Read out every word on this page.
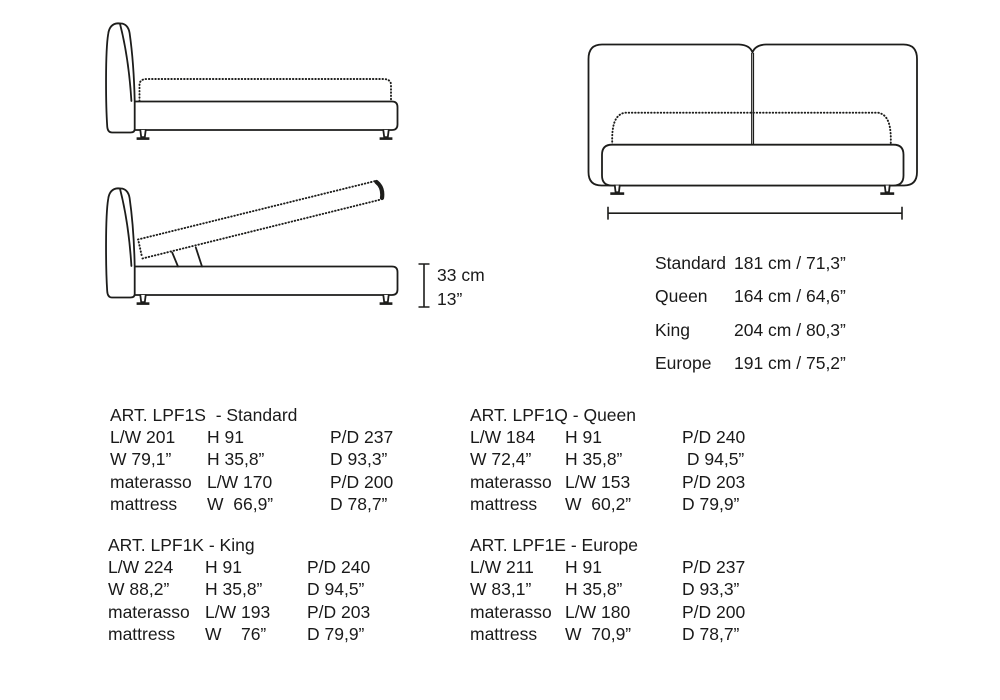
33 cm
13”
Standard 181 cm / 71,3”
Queen	164 cm / 64,6”
King	204 cm / 80,3”
Europe	191 cm / 75,2”
ART. LPF1S  - Standard
L/W 201	H 91	P/D 237
W 79,1”	H 35,8”	D 93,3”
materasso L/W 170	P/D 200
mattress	W  66,9”	D 78,7”
ART. LPF1Q - Queen
L/W 184	H 91	P/D 240
W 72,4”	H 35,8”	D 94,5”
materasso L/W 153	P/D 203
mattress	W  60,2”	D 79,9”
ART. LPF1K - King
L/W 224	H 91	P/D 240
W 88,2”	H 35,8”	D 94,5”
materasso L/W 193	P/D 203
mattress	W    76”	D 79,9”
ART. LPF1E - Europe
L/W 211	H 91	P/D 237
W 83,1”	H 35,8”	D 93,3”
materasso L/W 180	P/D 200
mattress	W  70,9”	D 78,7”
